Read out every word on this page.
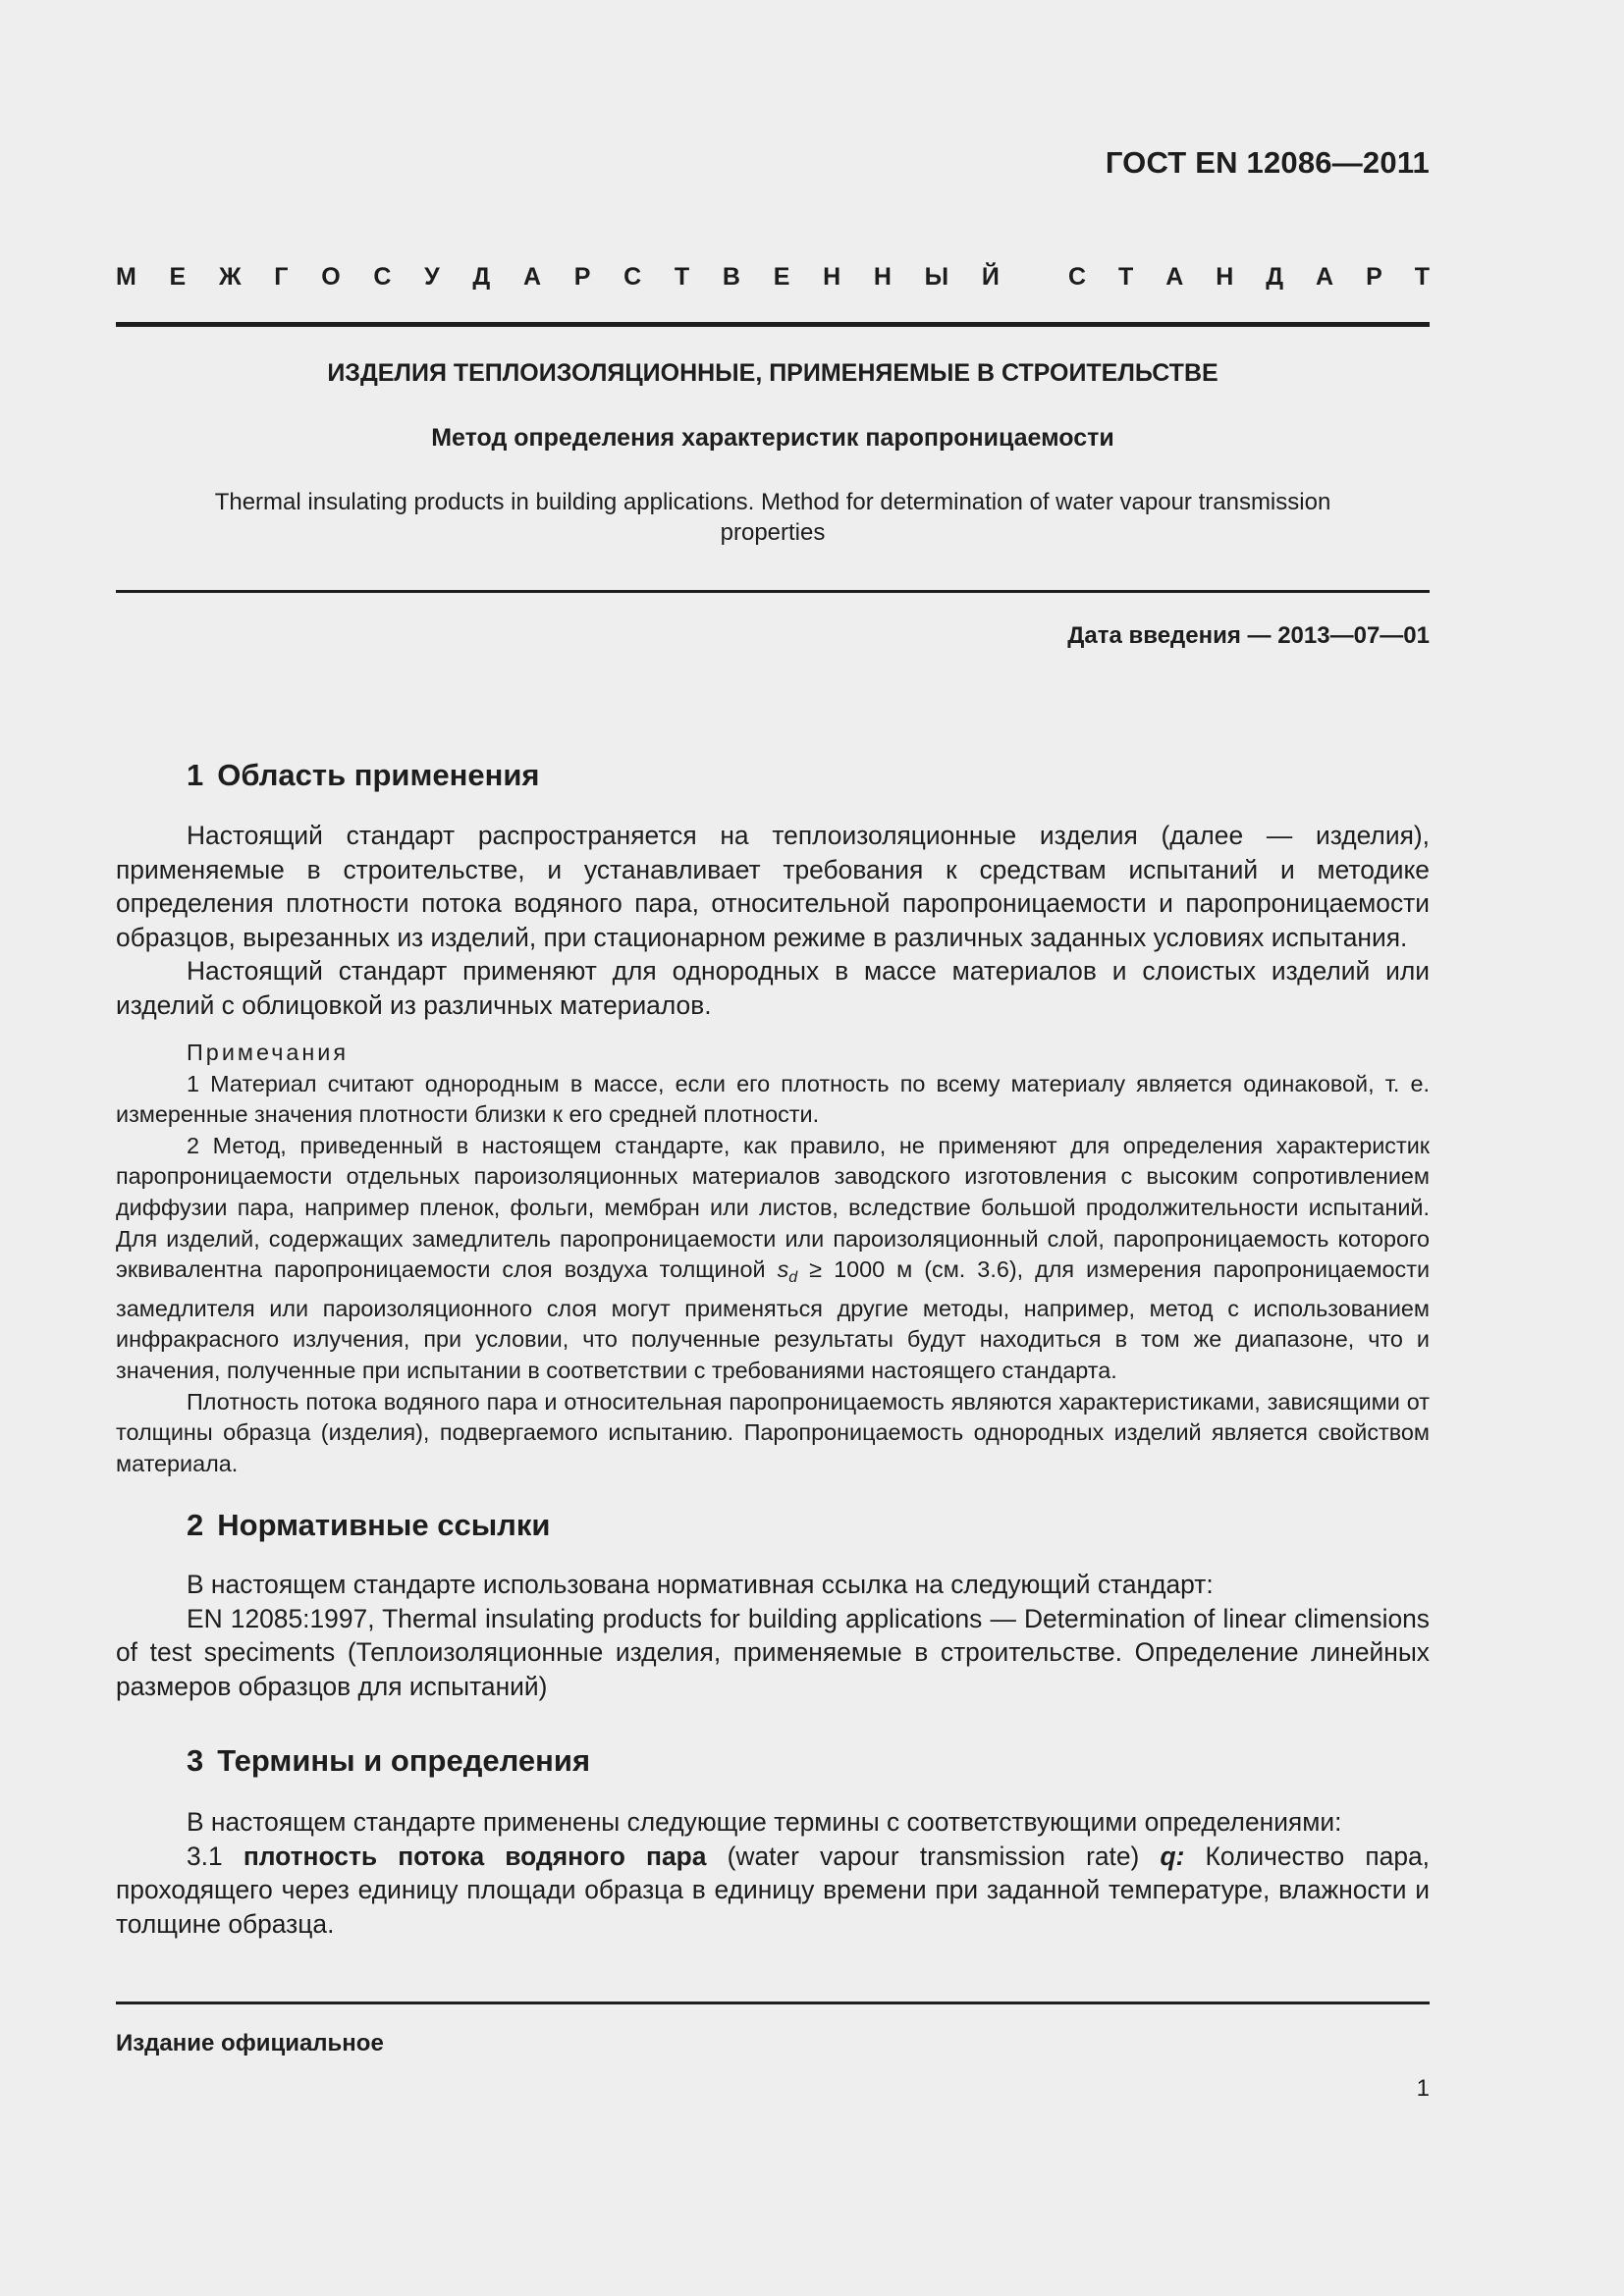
ГОСТ EN 12086—2011
М Е Ж Г О С У Д А Р С Т В Е Н Н Ы Й	С Т А Н Д А Р Т
ИЗДЕЛИЯ ТЕПЛОИЗОЛЯЦИОННЫЕ, ПРИМЕНЯЕМЫЕ В СТРОИТЕЛЬСТВЕ
Метод определения характеристик паропроницаемости
Thermal insulating products in building applications. Method for determination of water vapour transmission
properties
Дата введения — 2013—07—01
1 Область применения

Настоящий стандарт распространяется на теплоизоляционные изделия (далее — изделия), применяемые в строительстве, и устанавливает требования к средствам испытаний и методике определения плотности потока водяного пара, относительной паропроницаемости и паропроницаемости образцов, вырезанных из изделий, при стационарном режиме в различных заданных условиях испытания.

Настоящий стандарт применяют для однородных в массе материалов и слоистых изделий или изделий с облицовкой из различных материалов.

Примечания

1 Материал считают однородным в массе, если его плотность по всему материалу является одинаковой, т. е. измеренные значения плотности близки к его средней плотности.

2 Метод, приведенный в настоящем стандарте, как правило, не применяют для определения характеристик паропроницаемости отдельных пароизоляционных материалов заводского изготовления с высоким сопротивлением диффузии пара, например пленок, фольги, мембран или листов, вследствие большой продолжительности испытаний. Для изделий, содержащих замедлитель паропроницаемости или пароизоляционный слой, паропроницаемость которого эквивалентна паропроницаемости слоя воздуха толщиной $s_d \ge 1000$ м (см. 3.6), для измерения паропроницаемости замедлителя или пароизоляционного слоя могут применяться другие методы, например, метод с использованием инфракрасного излучения, при условии, что полученные результаты будут находиться в том же диапазоне, что и значения, полученные при испытании в соответствии с требованиями настоящего стандарта.

Плотность потока водяного пара и относительная паропроницаемость являются характеристиками, зависящими от толщины образца (изделия), подвергаемого испытанию. Паропроницаемость однородных изделий является свойством материала.

2 Нормативные ссылки

В настоящем стандарте использована нормативная ссылка на следующий стандарт:

EN 12085:1997, Thermal insulating products for building applications — Determination of linear climensions of test speciments (Теплоизоляционные изделия, применяемые в строительстве. Определение линейных размеров образцов для испытаний)

3 Термины и определения

В настоящем стандарте применены следующие термины с соответствующими определениями:

3.1 плотность потока водяного пара (water vapour transmission rate) q: Количество пара, проходящего через единицу площади образца в единицу времени при заданной температуре, влажности и толщине образца.

Издание официальное
1
